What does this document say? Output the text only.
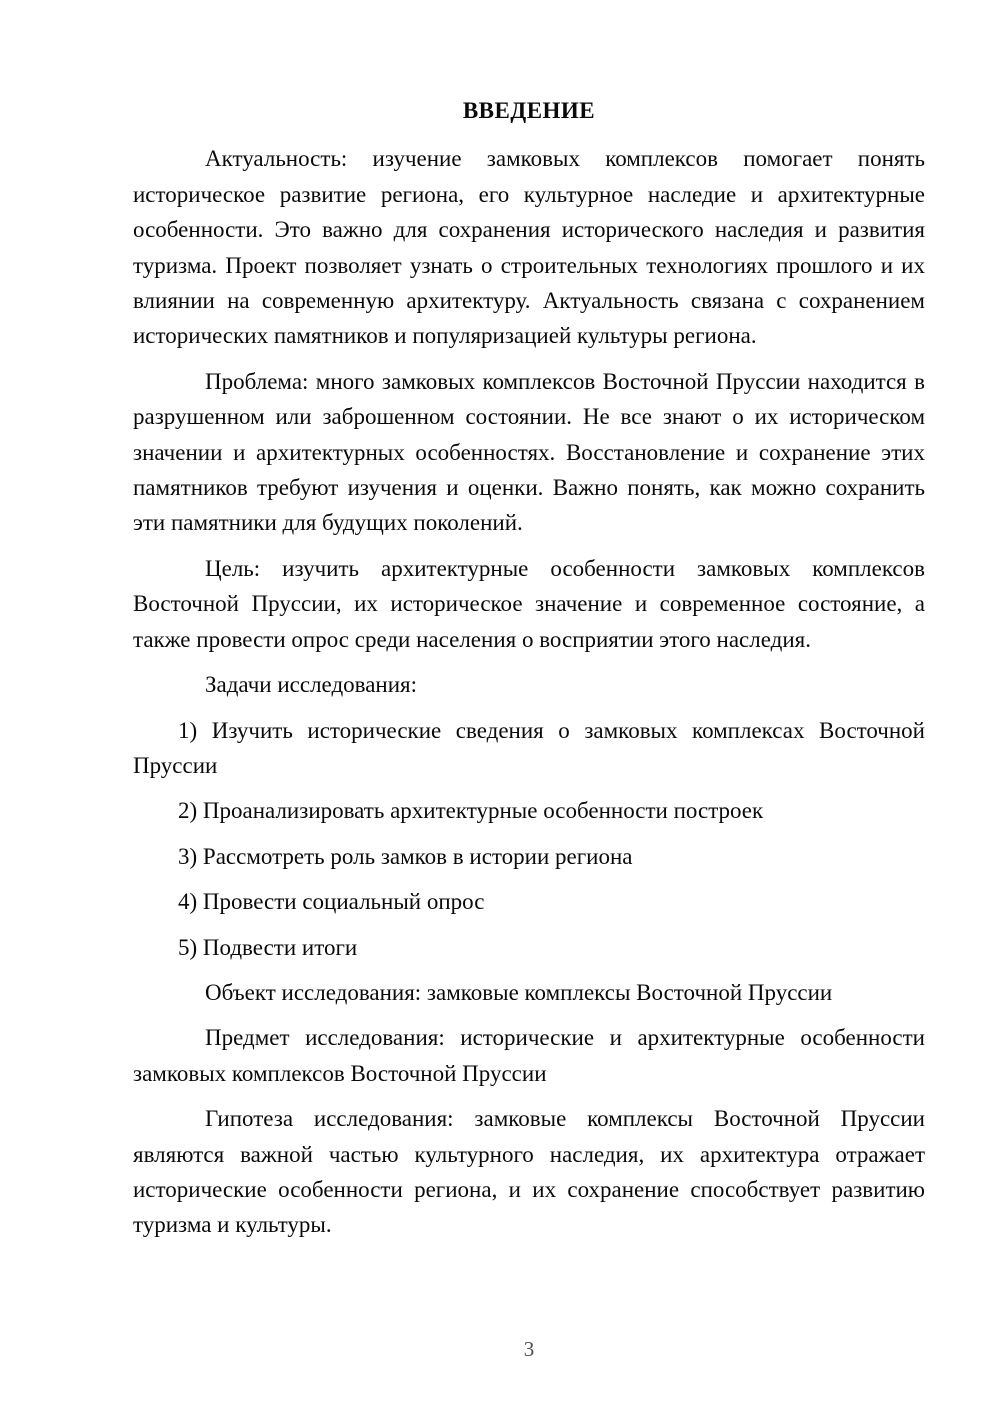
ВВЕДЕНИЕ

Актуальность: изучение замковых комплексов помогает понять историческое развитие региона, его культурное наследие и архитектурные особенности. Это важно для сохранения исторического наследия и развития туризма. Проект позволяет узнать о строительных технологиях прошлого и их влиянии на современную архитектуру. Актуальность связана с сохранением исторических памятников и популяризацией культуры региона.

Проблема: много замковых комплексов Восточной Пруссии находится в разрушенном или заброшенном состоянии. Не все знают о их историческом значении и архитектурных особенностях. Восстановление и сохранение этих памятников требуют изучения и оценки. Важно понять, как можно сохранить эти памятники для будущих поколений.

Цель: изучить архитектурные особенности замковых комплексов Восточной Пруссии, их историческое значение и современное состояние, а также провести опрос среди населения о восприятии этого наследия.

Задачи исследования:

1) Изучить исторические сведения о замковых комплексах Восточной Пруссии

2) Проанализировать архитектурные особенности построек

3) Рассмотреть роль замков в истории региона

4) Провести социальный опрос

5) Подвести итоги

Объект исследования: замковые комплексы Восточной Пруссии

Предмет исследования: исторические и архитектурные особенности замковых комплексов Восточной Пруссии

Гипотеза исследования: замковые комплексы Восточной Пруссии являются важной частью культурного наследия, их архитектура отражает исторические особенности региона, и их сохранение способствует развитию туризма и культуры.

3
